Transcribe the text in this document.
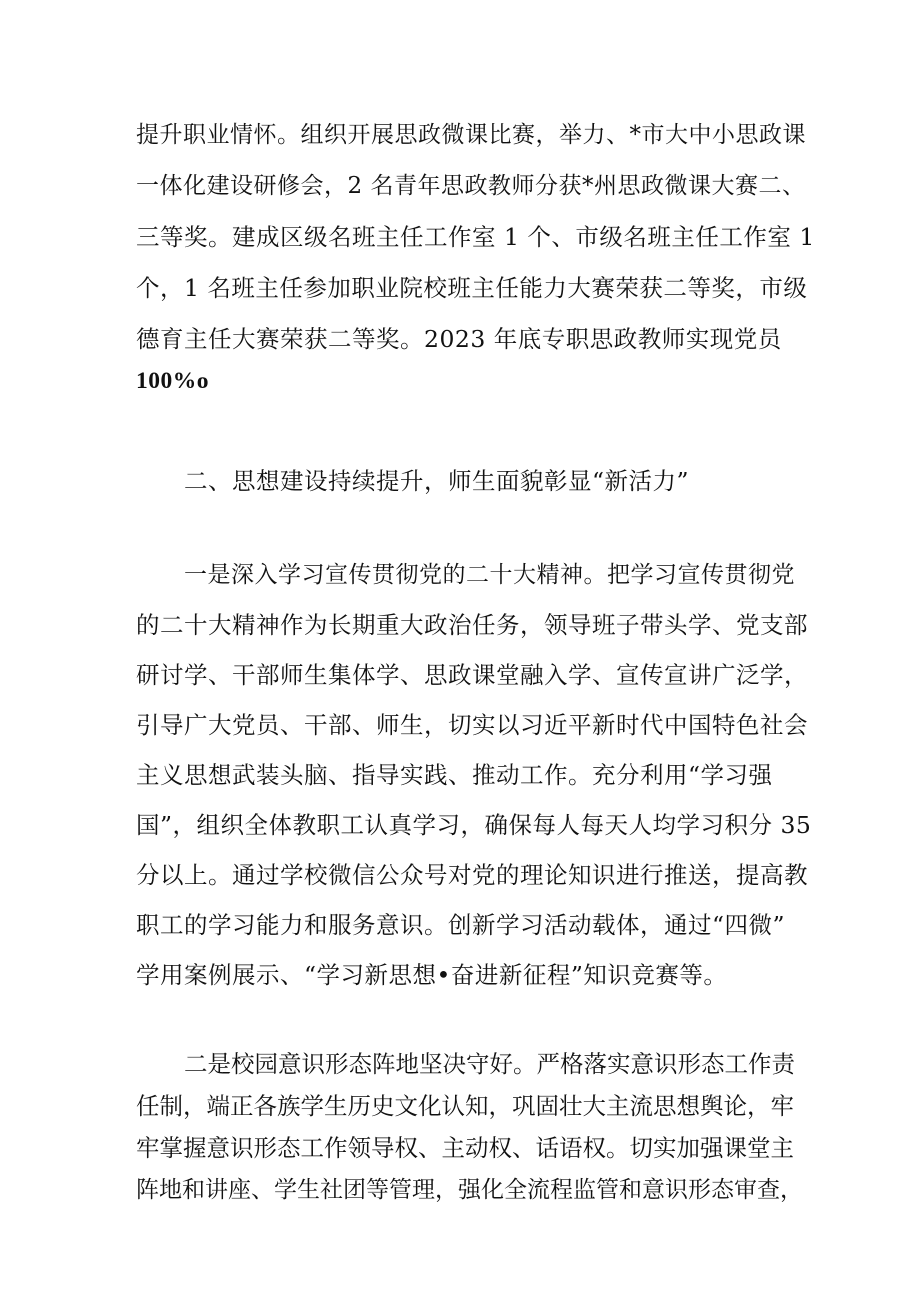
提升职业情怀。组织开展思政微课比赛，举力、*市大中小思政课
一体化建设研修会，2 名青年思政教师分获*州思政微课大赛二、
三等奖。建成区级名班主任工作室 1 个、市级名班主任工作室 1
个，1 名班主任参加职业院校班主任能力大赛荣获二等奖，市级
德育主任大赛荣获二等奖。2023 年底专职思政教师实现党员
100%o
二、思想建设持续提升，师生面貌彰显“新活力”
一是深入学习宣传贯彻党的二十大精神。把学习宣传贯彻党
的二十大精神作为长期重大政治任务，领导班子带头学、党支部
研讨学、干部师生集体学、思政课堂融入学、宣传宣讲广泛学，
引导广大党员、干部、师生，切实以习近平新时代中国特色社会
主义思想武装头脑、指导实践、推动工作。充分利用“学习强
国”，组织全体教职工认真学习，确保每人每天人均学习积分 35
分以上。通过学校微信公众号对党的理论知识进行推送，提高教
职工的学习能力和服务意识。创新学习活动载体，通过“四微”
学用案例展示、“学习新思想•奋进新征程”知识竞赛等。
二是校园意识形态阵地坚决守好。严格落实意识形态工作责
任制，端正各族学生历史文化认知，巩固壮大主流思想舆论，牢
牢掌握意识形态工作领导权、主动权、话语权。切实加强课堂主
阵地和讲座、学生社团等管理，强化全流程监管和意识形态审查，
